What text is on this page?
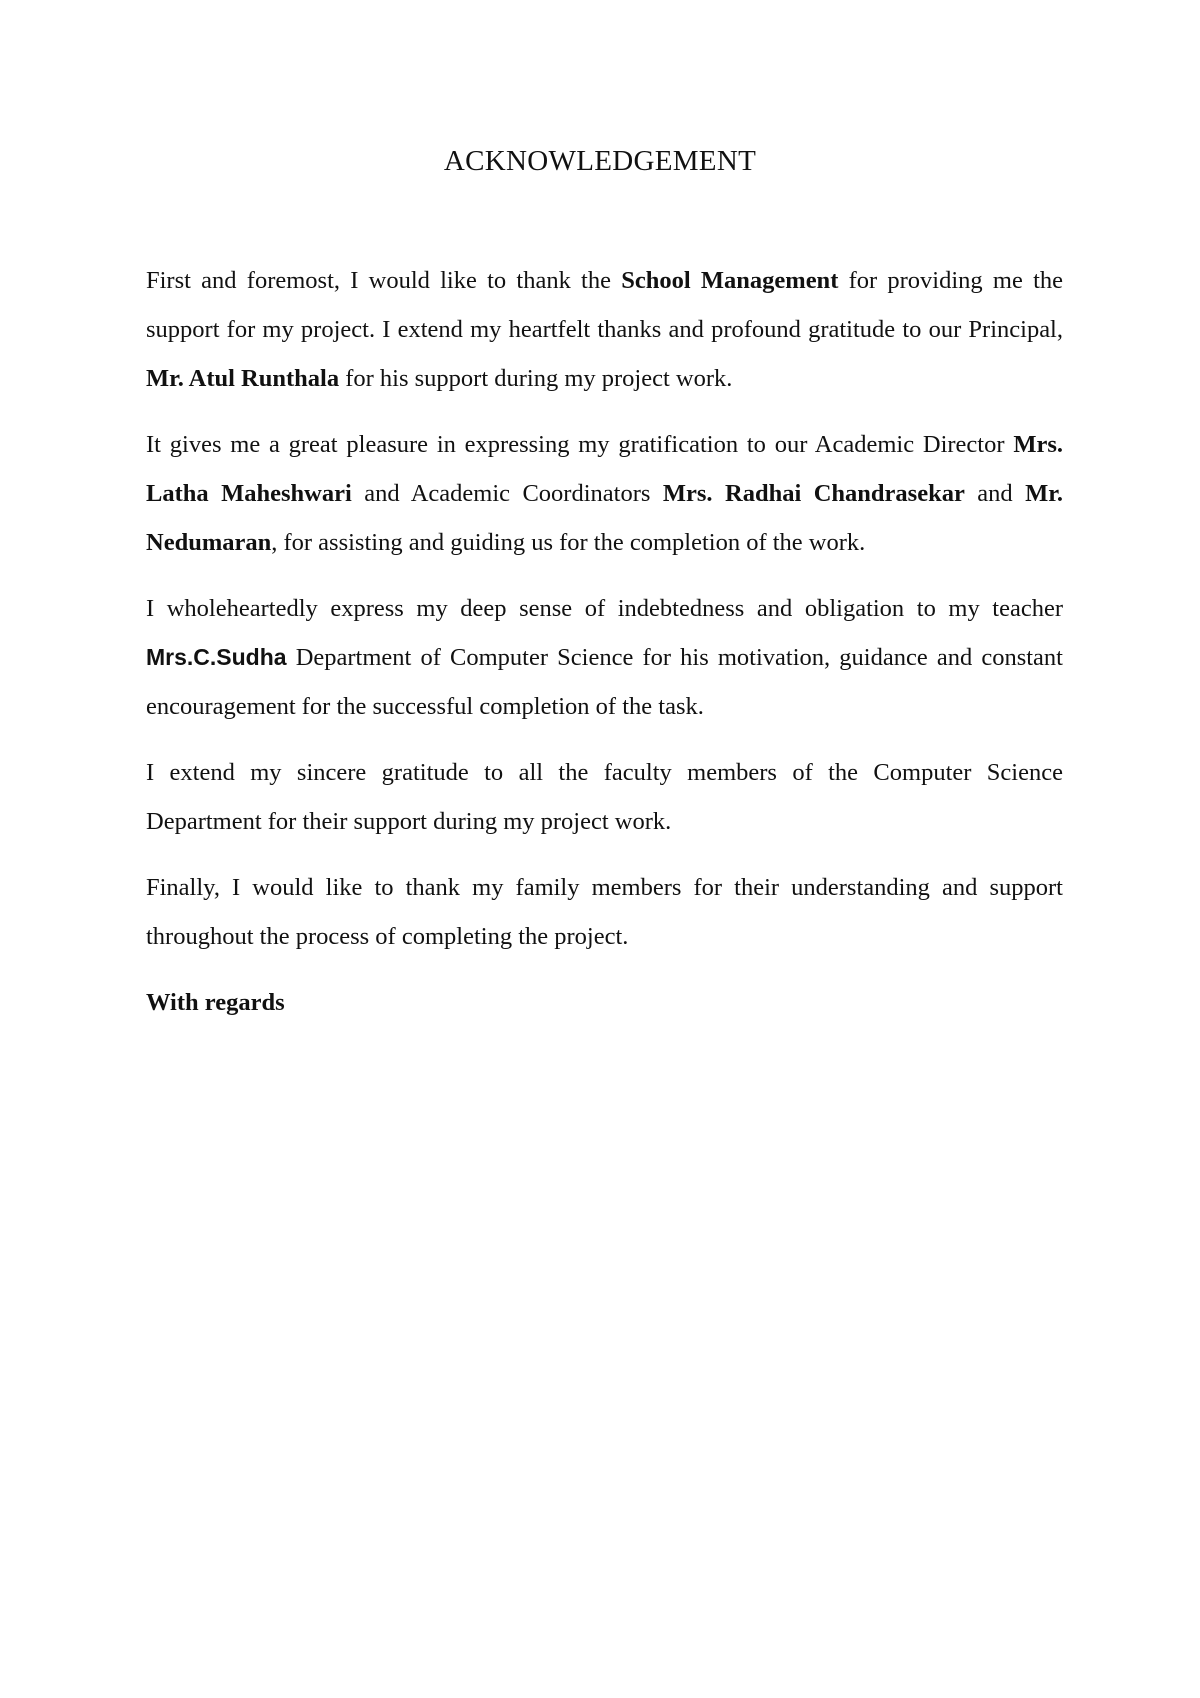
ACKNOWLEDGEMENT

First and foremost, I would like to thank the School Management for providing me the support for my project. I extend my heartfelt thanks and profound gratitude to our Principal, Mr. Atul Runthala for his support during my project work.

It gives me a great pleasure in expressing my gratification to our Academic Director Mrs. Latha Maheshwari and Academic Coordinators Mrs. Radhai Chandrasekar and Mr. Nedumaran, for assisting and guiding us for the completion of the work.

I wholeheartedly express my deep sense of indebtedness and obligation to my teacher Mrs.C.Sudha Department of Computer Science for his motivation, guidance and constant encouragement for the successful completion of the task.

I extend my sincere gratitude to all the faculty members of the Computer Science Department for their support during my project work.

Finally, I would like to thank my family members for their understanding and support throughout the process of completing the project.

With regards
